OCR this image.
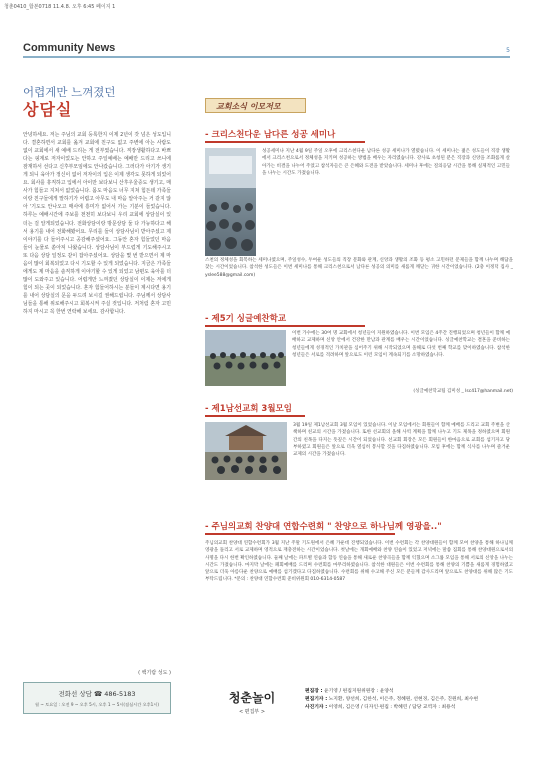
청춘0410_합본0718 11.4.8. 오후 6:45 페이지 1
Community News	5
어렵게만 느껴졌던
상담실
안녕하세요. 저는 주님의 교회 등록한지 이제 2년이 갓 넘은 성도입니다. 결혼하면서 교회를 옮겨 교회에 친구도 없고 주변에 아는 사람도 없이 교회에서 새 예배 드리는 게 전부였습니다. 직장생활하다고 바쁘다는 핑계로 저자이었도는 안하고 주일예배는 예배만 드리고 쓰니에 잠재하서 선다고 신후부모임에도 안나갔습니다. 그러다가 아기가 생기게 되니 육아가 정신이 없어 저자이의 입은 이제 생각도 못하게 되었어요. 회사를 휴직하고 입에서 아이만 보다보니 산후우울증도 생기고, 매사가 힘들고 지쳐서 없었습니다. 몸도 마음도 너무 지쳐 힘든데 가족들이랑 친구들에게 말하기가 어렵고 아무도 내 마음 알아주는 거 같지 않아 '기도도 안나오고 매사에 흥미가 없어서 가는 기분이 들었습니다. 하루는 예배시간에 주보를 천천히 보다보니 우리 교회에 상담실이 있더는 걸 알게되었습니다. 전화상담이랑 방문상담 둘 다 가능하다고 해서 용기를 내어 전화해봤어요. 무리를 들이 상담사님이 받아주셨고 제 이야기를 다 들어주시고 공감해주셨어요. 그동안 혼자 힘들었던 마음들이 눈물로 쏟아져 나왔습니다. 상담사님이 부드럽게 기도해주시고 또 다음 상담 일정도 같이 잡아주셨어요. 상담을 몇 번 받으면서 제 마음이 많이 회복되었고 다시 기도할 수 있게 되었습니다. 지금은 가족들에게도 제 마음을 솔직하게 이야기할 수 있게 되었고 남편도 육아를 더 많이 도와주고 있습니다. 어렵게만 느껴졌던 상담실이 이제는 저에게 힘이 되는 곳이 되었습니다. 혼자 힘들어하시는 분들이 계시다면 용기를 내어 상담실의 문을 두드려 보시길 권해드립니다. 주님께서 상담사님들을 통해 위로해주시고 회복시켜 주실 것입니다. 저처럼 혼자 고민하지 마시고 꼭 한번 연락해 보세요. 감사합니다.
( 백기람 성도 )
전화선 상담 ☎ 486-5183
월 ~ 토요일 : 오전 9 ~ 오후 5시, 오후 1 ~ 5시(점심시간 오후1시)
교회소식 이모저모
- 크리스천다운 남다른 성공 세미나
성공세미나 지난 4월 9일 주일 오후에 크리스천다운 남다른 성공 세미나가 열렸습니다. 이 세미나는 젊은 성도들이 직장 생활에서 크리스천으로서 정체성을 지키며 성공하는 방법을 배우는 자리였습니다. 강사로 초청된 분은 직장과 신앙을 조화롭게 살아가는 비결을 나누어 주었고 참석자들은 큰 은혜와 도전을 받았습니다. 세미나 후에는 질의응답 시간을 통해 실제적인 고민들을 나누는 시간도 가졌습니다.
스천의 정체성을 회복하는 세미나였으며, 주일성수, 두여운 성도들의 직장 문화와 관계, 신앙과 생활의 조화 등 평소 고민하던 문제들을 함께 나누며 해답을 찾는 시간이었습니다. 참석한 성도들은 이번 세미나를 통해 크리스천으로서 남다른 성공의 의미를 새롭게 깨닫는 귀한 시간이었습니다. (2충 이정덕 집사 _ yslee588@gmail.com)
- 제5기 싱글예찬학교
이번 가수에는 30여 명 교회에서 청년들이 지원하였습니다. 이번 모임은 4주간 진행되었으며 청년들이 함께 예배하고 교제하며 신앙 안에서 건강한 만남과 관계를 배우는 시간이었습니다. 싱글예찬학교는 결혼을 준비하는 청년들에게 성경적인 가치관을 심어주기 위해 시작되었으며 올해로 다섯 번째 학교를 맞이하였습니다. 참석한 청년들은 서로를 격려하며 앞으로도 이런 모임이 계속되기를 소망하였습니다.
(싱글예찬학교팀 김미성 _ lsc417@hanmail.net)
- 제1남선교회 3월모임
3월 19일 제1남선교회 3월 모임이 있었습니다. 이날 모임에서는 회원들이 함께 예배를 드리고 교회 주변을 산책하며 친교의 시간을 가졌습니다. 또한 선교회의 올해 사역 계획을 함께 나누고 기도 제목을 정하였으며 회원 간의 친목을 다지는 뜻깊은 시간이 되었습니다. 선교회 회장은 모든 회원들이 한마음으로 교회를 섬기자고 당부하였고 회원들은 앞으로 더욱 열심히 봉사할 것을 다짐하였습니다. 모임 후에는 함께 식사를 나누며 즐거운 교제의 시간을 가졌습니다.
- 주님의교회 찬양대 연합수련회 " 찬양으로 하나님께 영광을.."
주님의교회 찬양대 연합수련회가 3월 지난 주말 기도원에서 은혜 가운데 진행되었습니다. 이번 수련회는 각 찬양대원들이 함께 모여 찬양을 통해 하나님께 영광을 돌리고 서로 교제하며 영적으로 재충전하는 시간이었습니다. 첫날에는 개회예배와 찬양 연습이 있었고 저녁에는 말씀 집회를 통해 찬양대원으로서의 사명을 다시 한번 확인하였습니다. 둘째 날에는 파트별 연습과 합동 연습을 통해 새로운 찬양곡들을 함께 익혔으며 소그룹 모임을 통해 서로의 신앙을 나누는 시간도 가졌습니다. 마지막 날에는 폐회예배를 드리며 수련회를 마무리하였습니다. 참석한 대원들은 이번 수련회를 통해 찬양의 기쁨을 새롭게 경험하였고 앞으로 더욱 아름다운 찬양으로 예배를 섬기겠다고 다짐하였습니다. 수련회를 위해 수고해 주신 모든 분들께 감사드리며 앞으로도 찬양대를 위해 많은 기도 부탁드립니다. *문의 : 찬양대 연합수련회 준비위원회 010-6314-0587
청춘놀이
< 편집부 >
편집장 : 윤기영 / 편집지원위원장 : 윤양석
편집기자 : 노지환, 양선희, 김한석, 이은주, 정혜원, 선현경, 김은주, 진원희, 최수현
사진기자 : 이영희, 김은영 / 디자인·편집 : 박혜린 / 담당 교역자 : 최용석
